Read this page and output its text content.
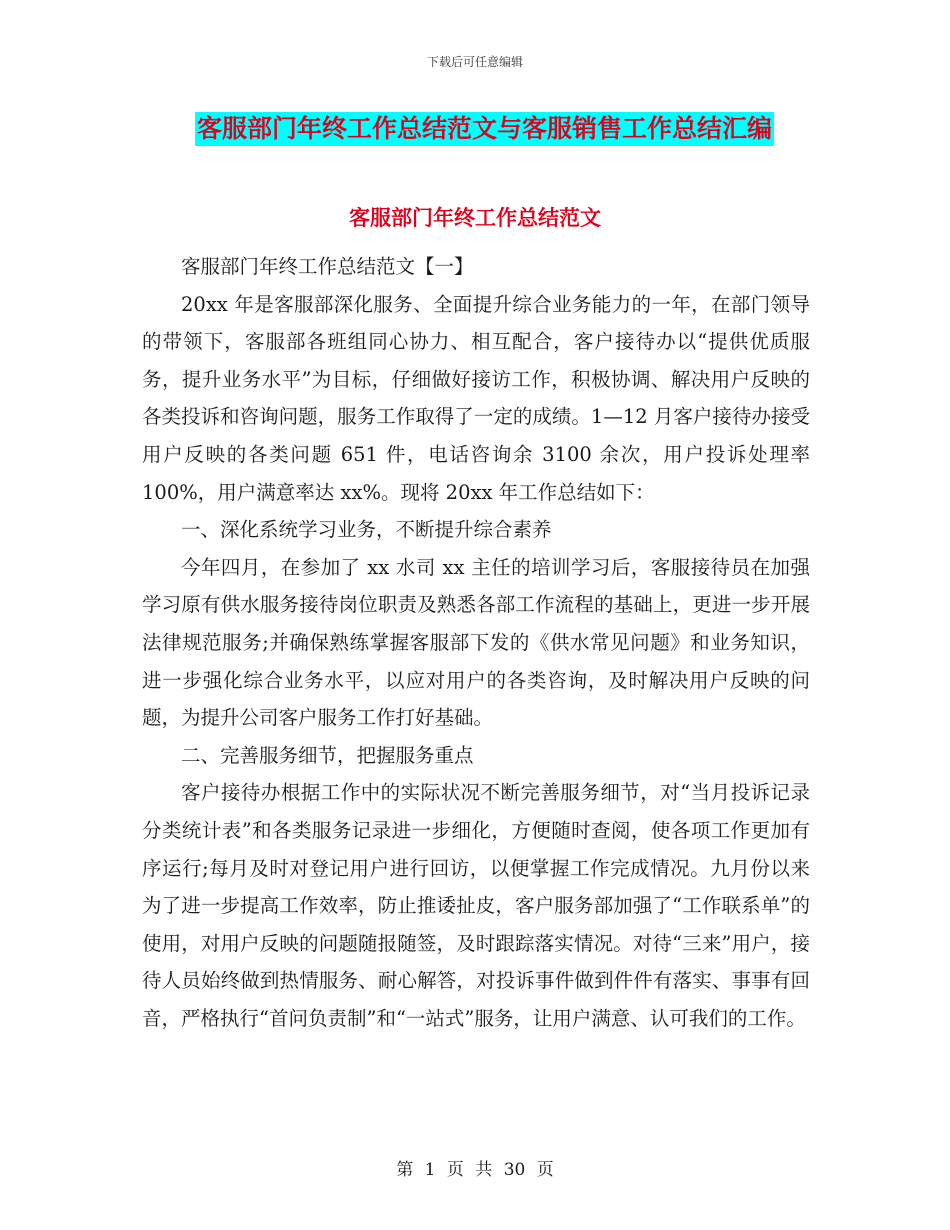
下载后可任意编辑
客服部门年终工作总结范文与客服销售工作总结汇编
客服部门年终工作总结范文

客服部门年终工作总结范文【一】

20xx 年是客服部深化服务、全面提升综合业务能力的一年，在部门领导的带领下，客服部各班组同心协力、相互配合，客户接待办以“提供优质服务，提升业务水平”为目标，仔细做好接访工作，积极协调、解决用户反映的各类投诉和咨询问题，服务工作取得了一定的成绩。1—12 月客户接待办接受用户反映的各类问题 651 件，电话咨询余 3100 余次，用户投诉处理率 100%，用户满意率达 xx%。现将 20xx 年工作总结如下：

一、深化系统学习业务，不断提升综合素养

今年四月，在参加了 xx 水司 xx 主任的培训学习后，客服接待员在加强学习原有供水服务接待岗位职责及熟悉各部工作流程的基础上，更进一步开展法律规范服务;并确保熟练掌握客服部下发的《供水常见问题》和业务知识，进一步强化综合业务水平，以应对用户的各类咨询，及时解决用户反映的问题，为提升公司客户服务工作打好基础。

二、完善服务细节，把握服务重点

客户接待办根据工作中的实际状况不断完善服务细节，对“当月投诉记录分类统计表”和各类服务记录进一步细化，方便随时查阅，使各项工作更加有序运行;每月及时对登记用户进行回访，以便掌握工作完成情况。九月份以来为了进一步提高工作效率，防止推诿扯皮，客户服务部加强了“工作联系单”的使用，对用户反映的问题随报随签，及时跟踪落实情况。对待“三来”用户，接待人员始终做到热情服务、耐心解答，对投诉事件做到件件有落实、事事有回音，严格执行“首问负责制”和“一站式”服务，让用户满意、认可我们的工作。

第 1 页 共 30 页
